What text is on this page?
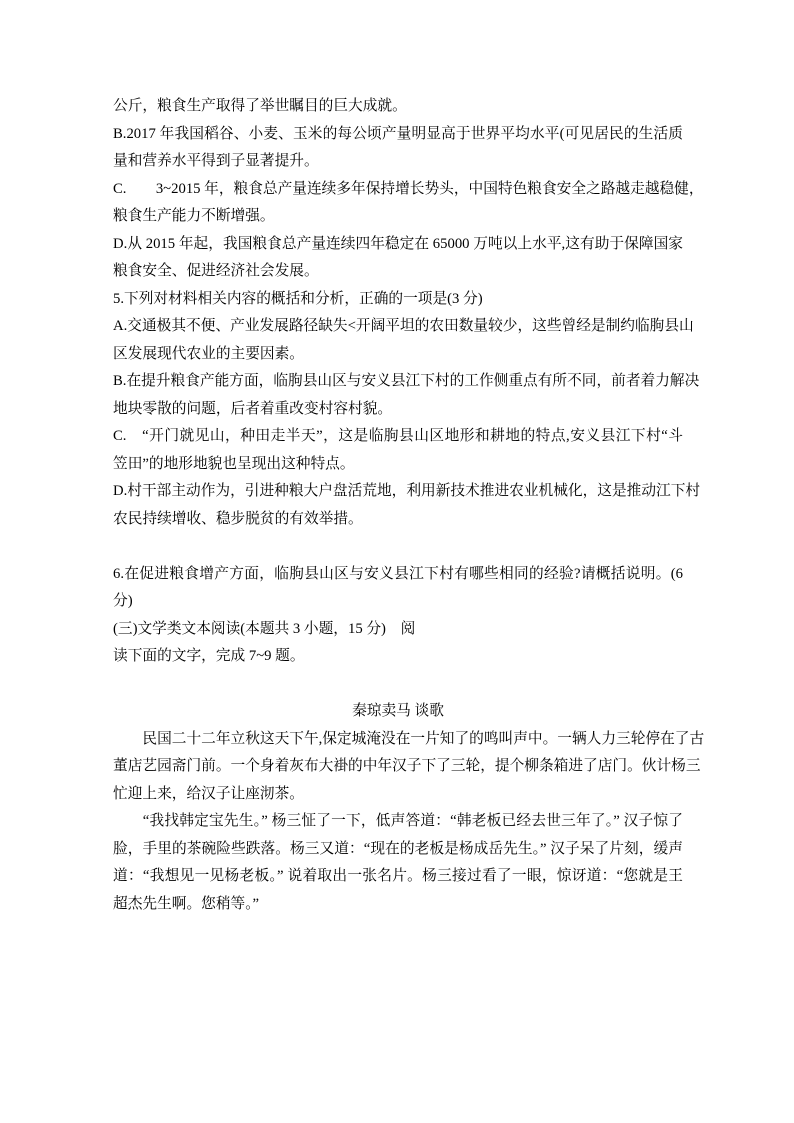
公斤，粮食生产取得了举世瞩目的巨大成就。
B.2017 年我国稻谷、小麦、玉米的每公顷产量明显高于世界平均水平(可见居民的生活质
量和营养水平得到子显著提升。
C.　　3~2015 年，粮食总产量连续多年保持增长势头，中国特色粮食安全之路越走越稳健，
粮食生产能力不断增强。
D.从 2015 年起，我国粮食总产量连续四年稳定在 65000 万吨以上水平,这有助于保障国家
粮食安全、促进经济社会发展。
5.下列对材料相关内容的概括和分析，正确的一项是(3 分)
A.交通极其不便、产业发展路径缺失<开阔平坦的农田数量较少，这些曾经是制约临朐县山
区发展现代农业的主要因素。
B.在提升粮食产能方面，临朐县山区与安义县江下村的工作侧重点有所不同，前者着力解决
地块零散的问题，后者着重改变村容村貌。
C.　“开门就见山，种田走半天”，这是临朐县山区地形和耕地的特点,安义县江下村“斗
笠田”的地形地貌也呈现出这种特点。
D.村干部主动作为，引进种粮大户盘活荒地，利用新技术推进农业机械化，这是推动江下村
农民持续增收、稳步脱贫的有效举措。
6.在促进粮食增产方面，临朐县山区与安义县江下村有哪些相同的经验?请概括说明。(6
分)
(三)文学类文本阅读(本题共 3 小题，15 分)　阅
读下面的文字，完成 7~9 题。
秦琼卖马 谈歌
　　民国二十二年立秋这天下午,保定城淹没在一片知了的鸣叫声中。一辆人力三轮停在了古
董店艺园斋门前。一个身着灰布大褂的中年汉子下了三轮，提个柳条箱进了店门。伙计杨三
忙迎上来，给汉子让座沏茶。
　　“我找韩定宝先生。” 杨三怔了一下，低声答道：“韩老板已经去世三年了。” 汉子惊了
脸，手里的茶碗险些跌落。杨三又道：“现在的老板是杨成岳先生。” 汉子呆了片刻，缓声
道：“我想见一见杨老板。” 说着取出一张名片。杨三接过看了一眼，惊讶道：“您就是王
超杰先生啊。您稍等。”
